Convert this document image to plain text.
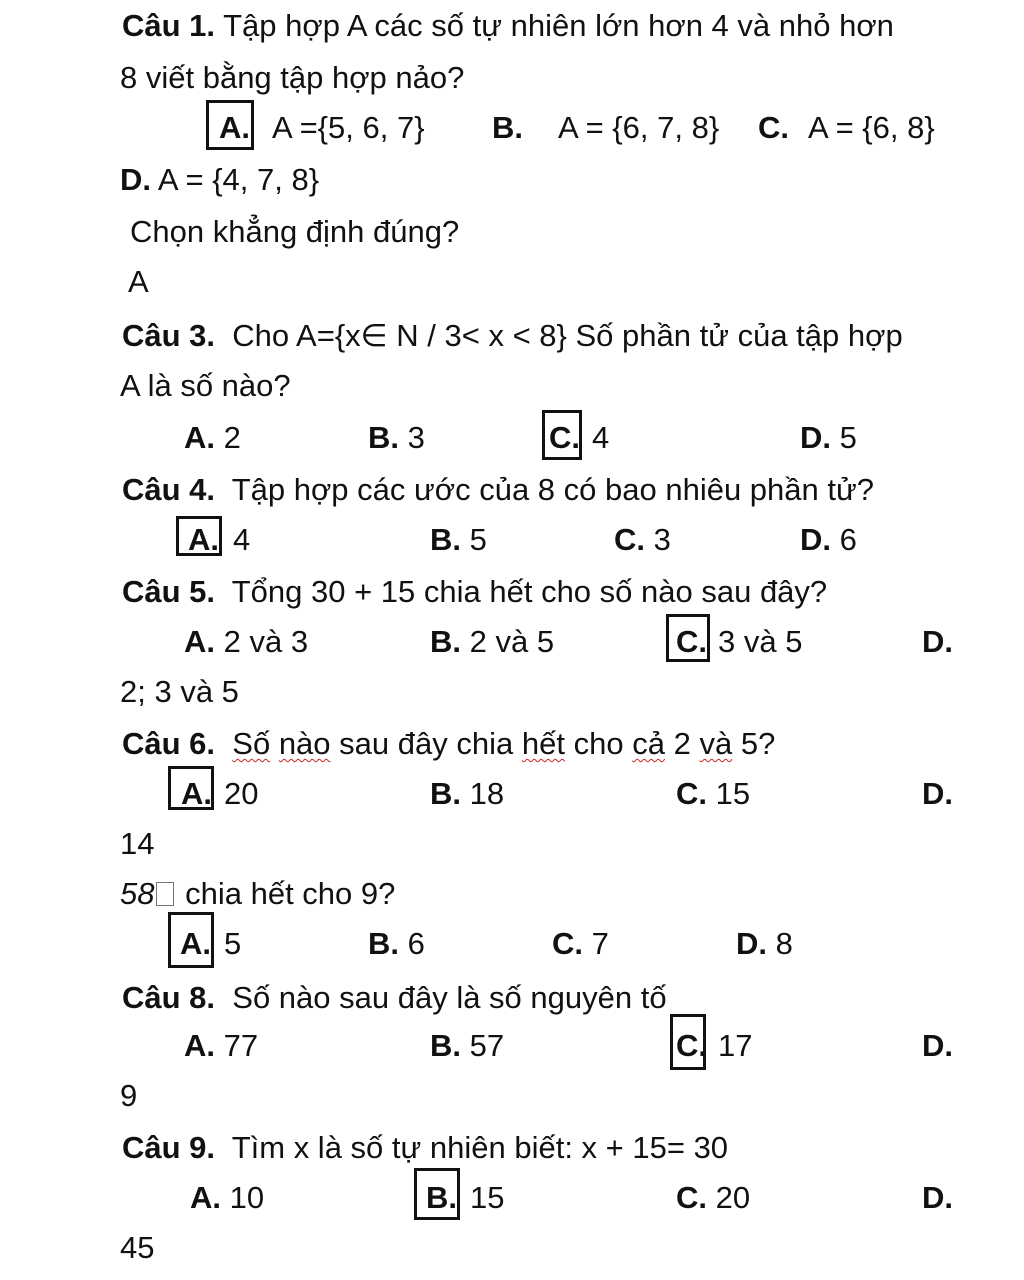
Câu 1. Tập hợp A các số tự nhiên lớn hơn 4 và nhỏ hơn
8 viết bằng tập hợp nảo?
A. A ={5, 6, 7} B. A = {6, 7, 8} C. A = {6, 8}
D. A = {4, 7, 8}
Chọn khẳng định đúng?
A
Câu 3. Cho A={x∈ N / 3< x < 8} Số phần tử của tập hợp
A là số nào?
A. 2	B. 3	C. 4	D. 5
Câu 4. Tập hợp các ước của 8 có bao nhiêu phần tử?
A. 4	B. 5	C. 3	D. 6
Câu 5. Tổng 30 + 15 chia hết cho số nào sau đây?
A. 2 và 3	B. 2 và 5	C. 3 và 5	D.
2; 3 và 5
Câu 6. Số nào sau đây chia hết cho cả 2 và 5?
A. 20	B. 18	C. 15	D.
14
58 chia hết cho 9?
A. 5	B. 6	C. 7	D. 8
Câu 8. Số nào sau đây là số nguyên tố
A. 77	B. 57	C. 17	D.
9
Câu 9. Tìm x là số tự nhiên biết: x + 15= 30
A. 10	B. 15	C. 20	D.
45
